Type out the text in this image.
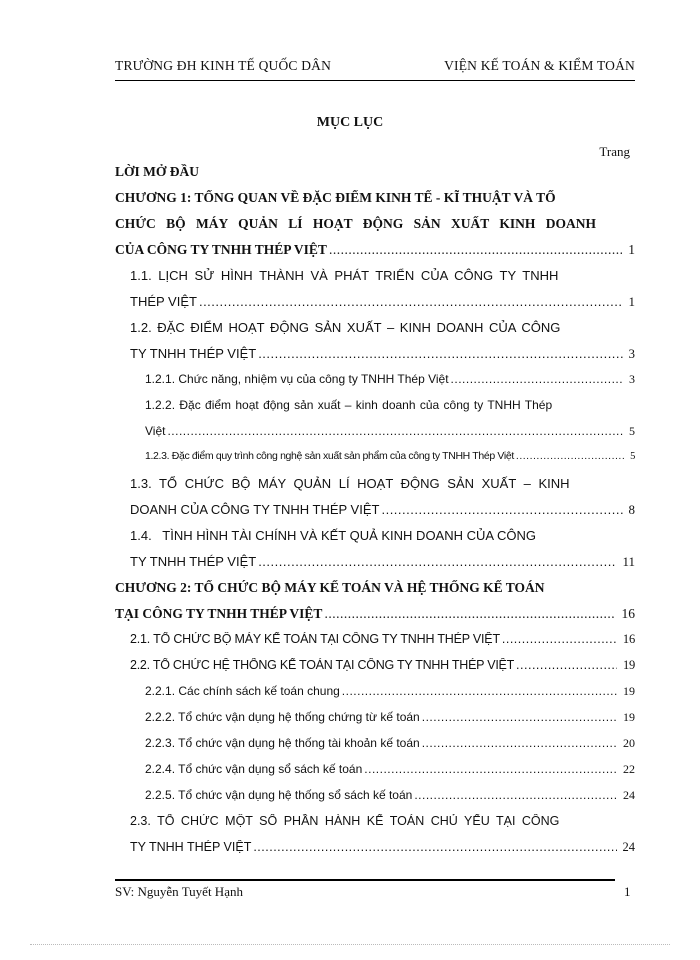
TRƯỜNG ĐH KINH TẾ QUỐC DÂN	VIỆN KẾ TOÁN & KIỂM TOÁN
MỤC LỤC
Trang
LỜI MỞ ĐẦU
CHƯƠNG 1: TỔNG QUAN VỀ ĐẶC ĐIỂM KINH TẾ - KĨ THUẬT VÀ TỔ
CHỨC BỘ MÁY QUẢN LÍ HOẠT ĐỘNG SẢN XUẤT KINH DOANH
CỦA CÔNG TY TNHH THÉP VIỆT .....	1
1.1. LỊCH SỬ HÌNH THÀNH VÀ PHÁT TRIỂN CỦA CÔNG TY TNHH
THÉP VIỆT .....	1
1.2. ĐẶC ĐIỂM HOẠT ĐỘNG SẢN XUẤT – KINH DOANH CỦA CÔNG
TY TNHH THÉP VIỆT .....	3
1.2.1. Chức năng, nhiệm vụ của công ty TNHH Thép Việt .....	3
1.2.2. Đặc điểm hoạt động sản xuất – kinh doanh của công ty TNHH Thép
Việt .....	5
1.2.3. Đặc điểm quy trình công nghệ sản xuất sản phẩm của công ty TNHH Thép Việt .....	5
1.3. TỔ CHỨC BỘ MÁY QUẢN LÍ HOẠT ĐỘNG SẢN XUẤT – KINH
DOANH CỦA CÔNG TY TNHH THÉP VIỆT .....	8
1.4.   TÌNH HÌNH TÀI CHÍNH VÀ KẾT QUẢ KINH DOANH CỦA CÔNG
TY TNHH THÉP VIỆT .....	11
CHƯƠNG 2: TỔ CHỨC BỘ MÁY KẾ TOÁN VÀ HỆ THỐNG KẾ TOÁN
TẠI CÔNG TY TNHH THÉP VIỆT .....	16
2.1. TỔ CHỨC BỘ MÁY KẾ TOÁN TẠI CÔNG TY TNHH THÉP VIỆT .....	16
2.2. TỔ CHỨC HỆ THỐNG KẾ TOÁN TẠI CÔNG TY TNHH THÉP VIỆT .....	19
2.2.1. Các chính sách kế toán chung .....	19
2.2.2. Tổ chức vận dụng hệ thống chứng từ kế toán .....	19
2.2.3. Tổ chức vận dụng hệ thống tài khoản kế toán .....	20
2.2.4. Tổ chức vận dụng sổ sách kế toán .....	22
2.2.5. Tổ chức vận dụng hệ thống sổ sách kế toán .....	24
2.3. TỔ CHỨC MỘT SỐ PHẦN HÀNH KẾ TOÁN CHỦ YẾU TẠI CÔNG
TY TNHH THÉP VIỆT .....	24
SV: Nguyễn Tuyết Hạnh	1
